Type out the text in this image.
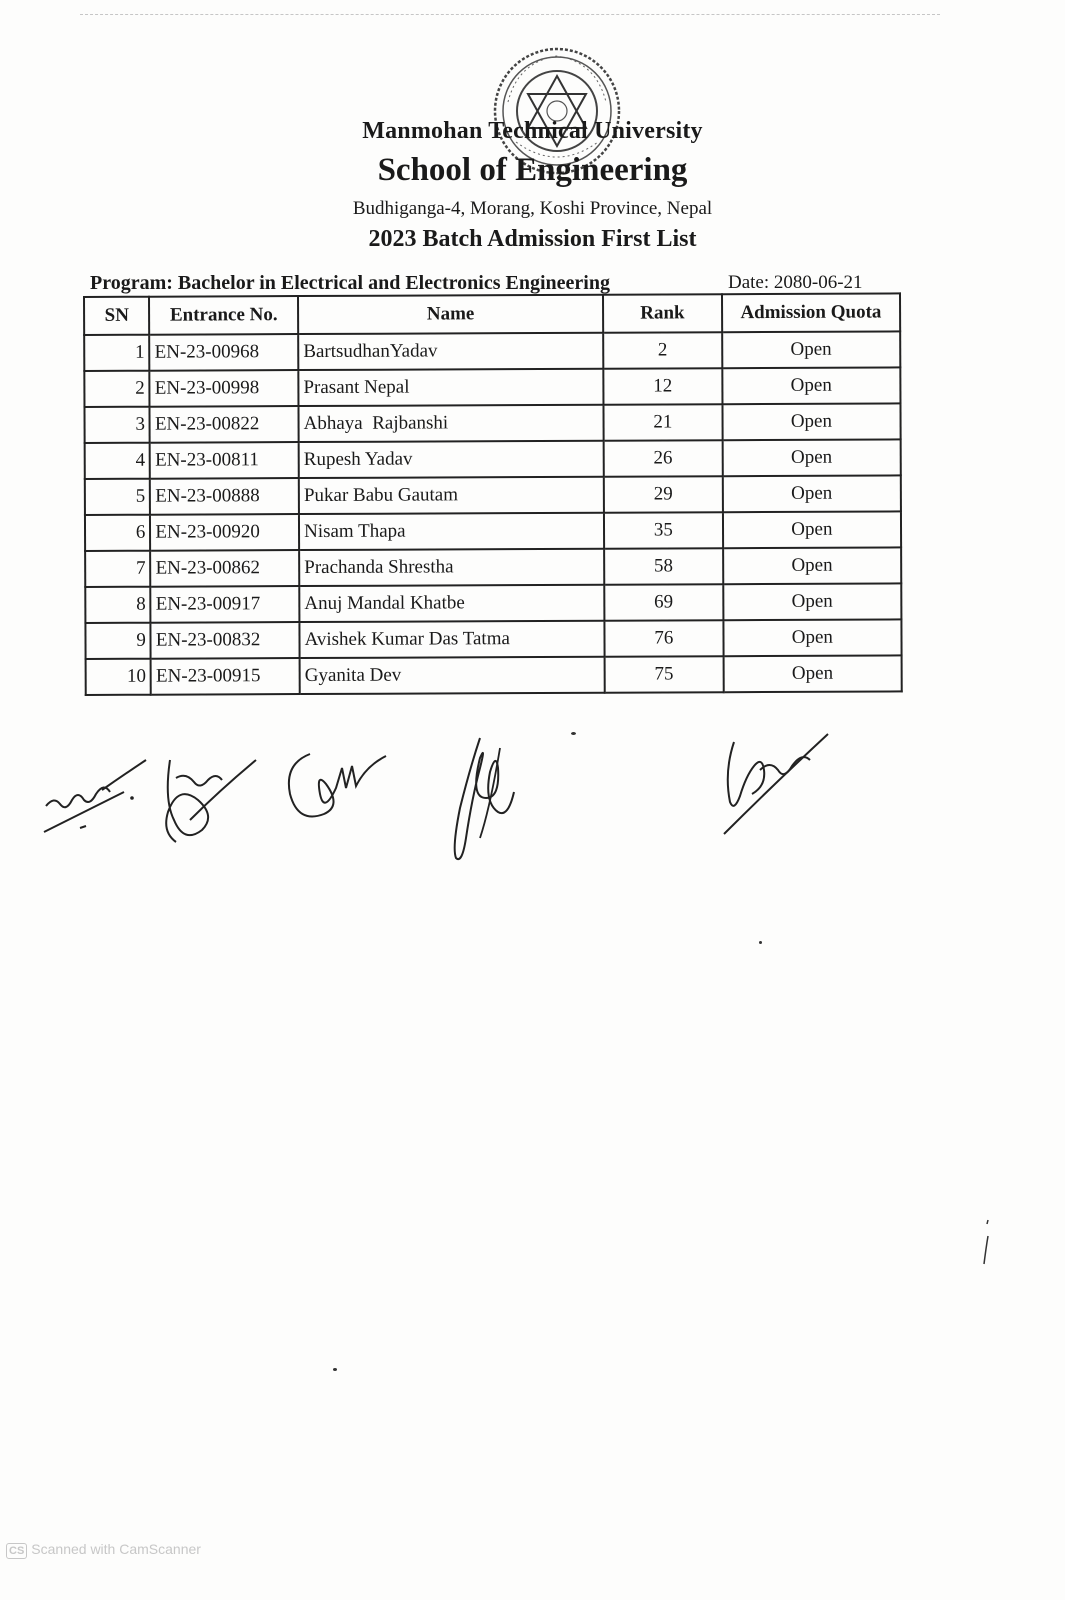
Manmohan Technical University
School of Engineering
Budhiganga-4, Morang, Koshi Province, Nepal
2023 Batch Admission First List
Program: Bachelor in Electrical and Electronics Engineering	Date: 2080-06-21
SN	Entrance No.	Name	Rank	Admission Quota
1	EN-23-00968	BartsudhanYadav	2	Open
2	EN-23-00998	Prasant Nepal	12	Open
3	EN-23-00822	Abhaya  Rajbanshi	21	Open
4	EN-23-00811	Rupesh Yadav	26	Open
5	EN-23-00888	Pukar Babu Gautam	29	Open
6	EN-23-00920	Nisam Thapa	35	Open
7	EN-23-00862	Prachanda Shrestha	58	Open
8	EN-23-00917	Anuj Mandal Khatbe	69	Open
9	EN-23-00832	Avishek Kumar Das Tatma	76	Open
10	EN-23-00915	Gyanita Dev	75	Open
CS Scanned with CamScanner
